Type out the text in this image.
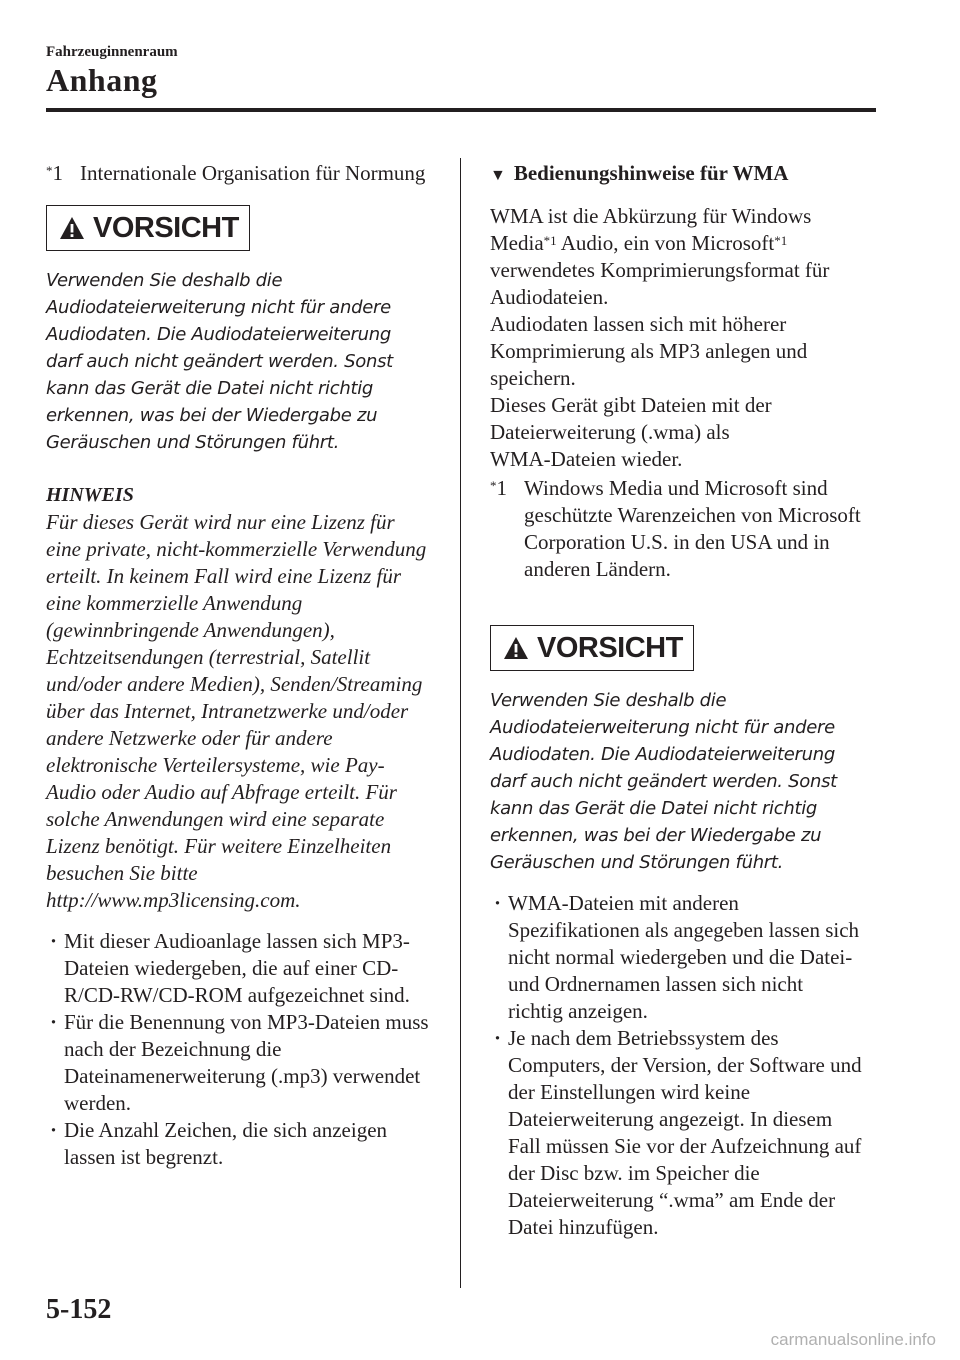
Fahrzeuginnenraum
Anhang

*1 Internationale Organisation für Normung

VORSICHT

Verwenden Sie deshalb die Audiodateierweiterung nicht für andere Audiodaten. Die Audiodateierweiterung darf auch nicht geändert werden. Sonst kann das Gerät die Datei nicht richtig erkennen, was bei der Wiedergabe zu Geräuschen und Störungen führt.

HINWEIS

Für dieses Gerät wird nur eine Lizenz für eine private, nicht-kommerzielle Verwendung erteilt. In keinem Fall wird eine Lizenz für eine kommerzielle Anwendung (gewinnbringende Anwendungen), Echtzeitsendungen (terrestrial, Satellit und/oder andere Medien), Senden/Streaming über das Internet, Intranetzwerke und/oder andere Netzwerke oder für andere elektronische Verteilersysteme, wie Pay-Audio oder Audio auf Abfrage erteilt. Für solche Anwendungen wird eine separate Lizenz benötigt. Für weitere Einzelheiten besuchen Sie bitte http://www.mp3licensing.com.

· Mit dieser Audioanlage lassen sich MP3-Dateien wiedergeben, die auf einer CD-R/CD-RW/CD-ROM aufgezeichnet sind.

· Für die Benennung von MP3-Dateien muss nach der Bezeichnung die Dateinamenerweiterung (.mp3) verwendet werden.

· Die Anzahl Zeichen, die sich anzeigen lassen ist begrenzt.

▼ Bedienungshinweise für WMA

WMA ist die Abkürzung für Windows Media$^{*1}$ Audio, ein von Microsoft$^{*1}$ verwendetes Komprimierungsformat für Audiodateien.

Audiodaten lassen sich mit höherer Komprimierung als MP3 anlegen und speichern.

Dieses Gerät gibt Dateien mit der Dateierweiterung (.wma) als WMA-Dateien wieder.

*1 Windows Media und Microsoft sind geschützte Warenzeichen von Microsoft Corporation U.S. in den USA und in anderen Ländern.

VORSICHT

Verwenden Sie deshalb die Audiodateierweiterung nicht für andere Audiodaten. Die Audiodateierweiterung darf auch nicht geändert werden. Sonst kann das Gerät die Datei nicht richtig erkennen, was bei der Wiedergabe zu Geräuschen und Störungen führt.

· WMA-Dateien mit anderen Spezifikationen als angegeben lassen sich nicht normal wiedergeben und die Datei- und Ordnernamen lassen sich nicht richtig anzeigen.

· Je nach dem Betriebssystem des Computers, der Version, der Software und der Einstellungen wird keine Dateierweiterung angezeigt. In diesem Fall müssen Sie vor der Aufzeichnung auf der Disc bzw. im Speicher die Dateierweiterung “.wma” am Ende der Datei hinzufügen.

5-152
carmanualsonline.info
